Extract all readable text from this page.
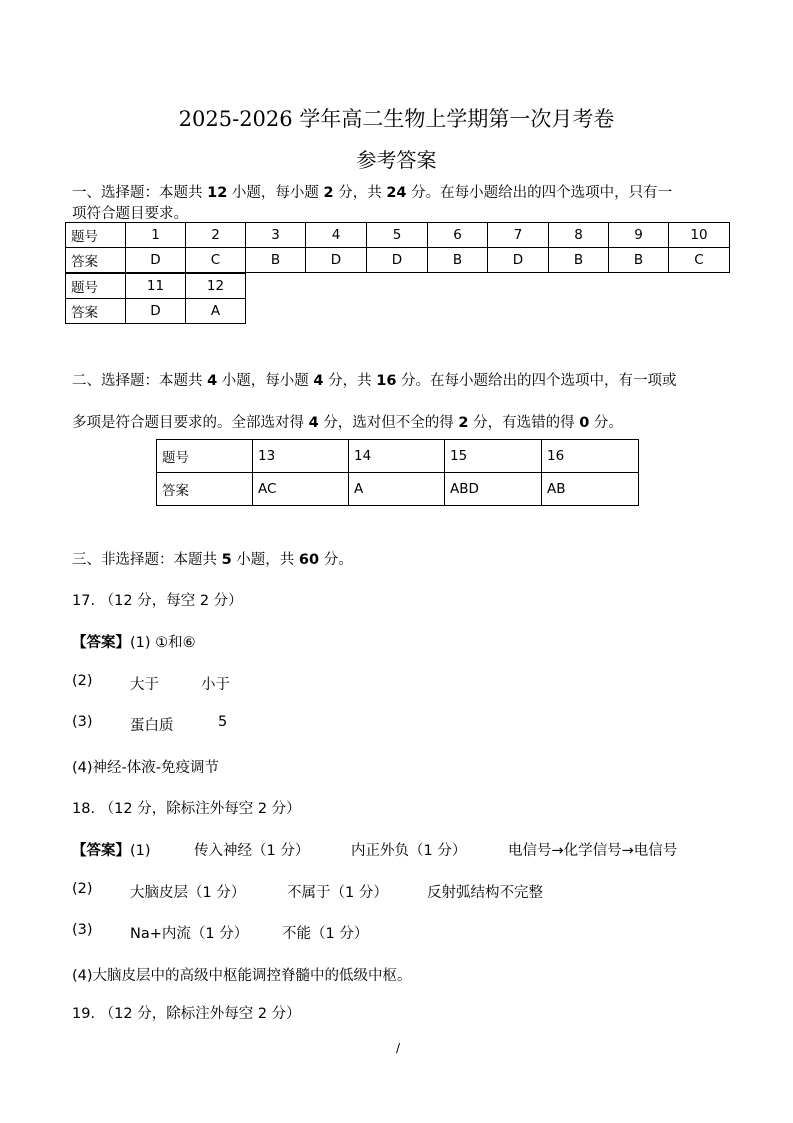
2025-2026 学年高二生物上学期第一次月考卷
参考答案
一、选择题：本题共 12 小题，每小题 2 分，共 24 分。在每小题给出的四个选项中，只有一
项符合题目要求。
题号	1	2	3	4	5	6	7	8	9	10
答案	D	C	B	D	D	B	D	B	B	C
题号	11	12
答案	D	A
二、选择题：本题共 4 小题，每小题 4 分，共 16 分。在每小题给出的四个选项中，有一项或
多项是符合题目要求的。全部选对得 4 分，选对但不全的得 2 分，有选错的得 0 分。
题号	13	14	15	16
答案	AC	A	ABD	AB
三、非选择题：本题共 5 小题，共 60 分。
17. （12 分，每空 2 分）
【答案】(1) ①和⑥
(2)	大于	小于
(3)	蛋白质	5
(4)神经-体液-免疫调节
18. （12 分，除标注外每空 2 分）
【答案】(1)	传入神经（1 分）	内正外负（1 分）	电信号→化学信号→电信号
(2)	大脑皮层（1 分）	不属于（1 分）	反射弧结构不完整
(3)	Na+内流（1 分） 不能（1 分）
(4)大脑皮层中的高级中枢能调控脊髓中的低级中枢。
19. （12 分，除标注外每空 2 分）
/
